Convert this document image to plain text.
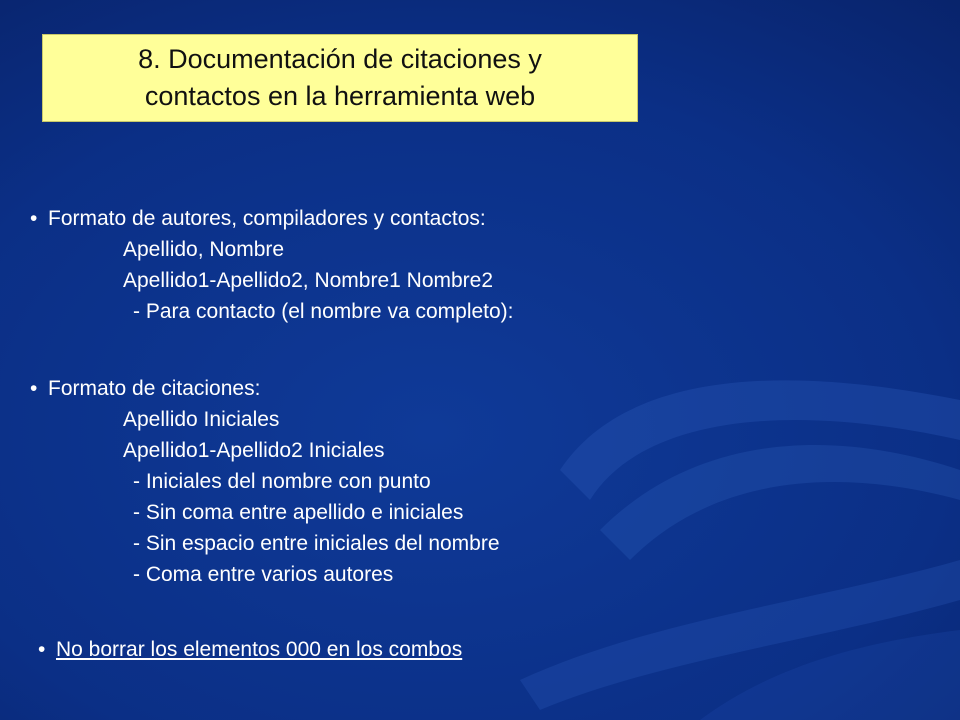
8. Documentación de citaciones y
contactos en la herramienta web
• Formato de autores, compiladores y contactos:
Apellido, Nombre
Apellido1-Apellido2, Nombre1 Nombre2
- Para contacto (el nombre va completo):
• Formato de citaciones:
Apellido Iniciales
Apellido1-Apellido2 Iniciales
- Iniciales del nombre con punto
- Sin coma entre apellido e iniciales
- Sin espacio entre iniciales del nombre
- Coma entre varios autores
• No borrar los elementos 000 en los combos
